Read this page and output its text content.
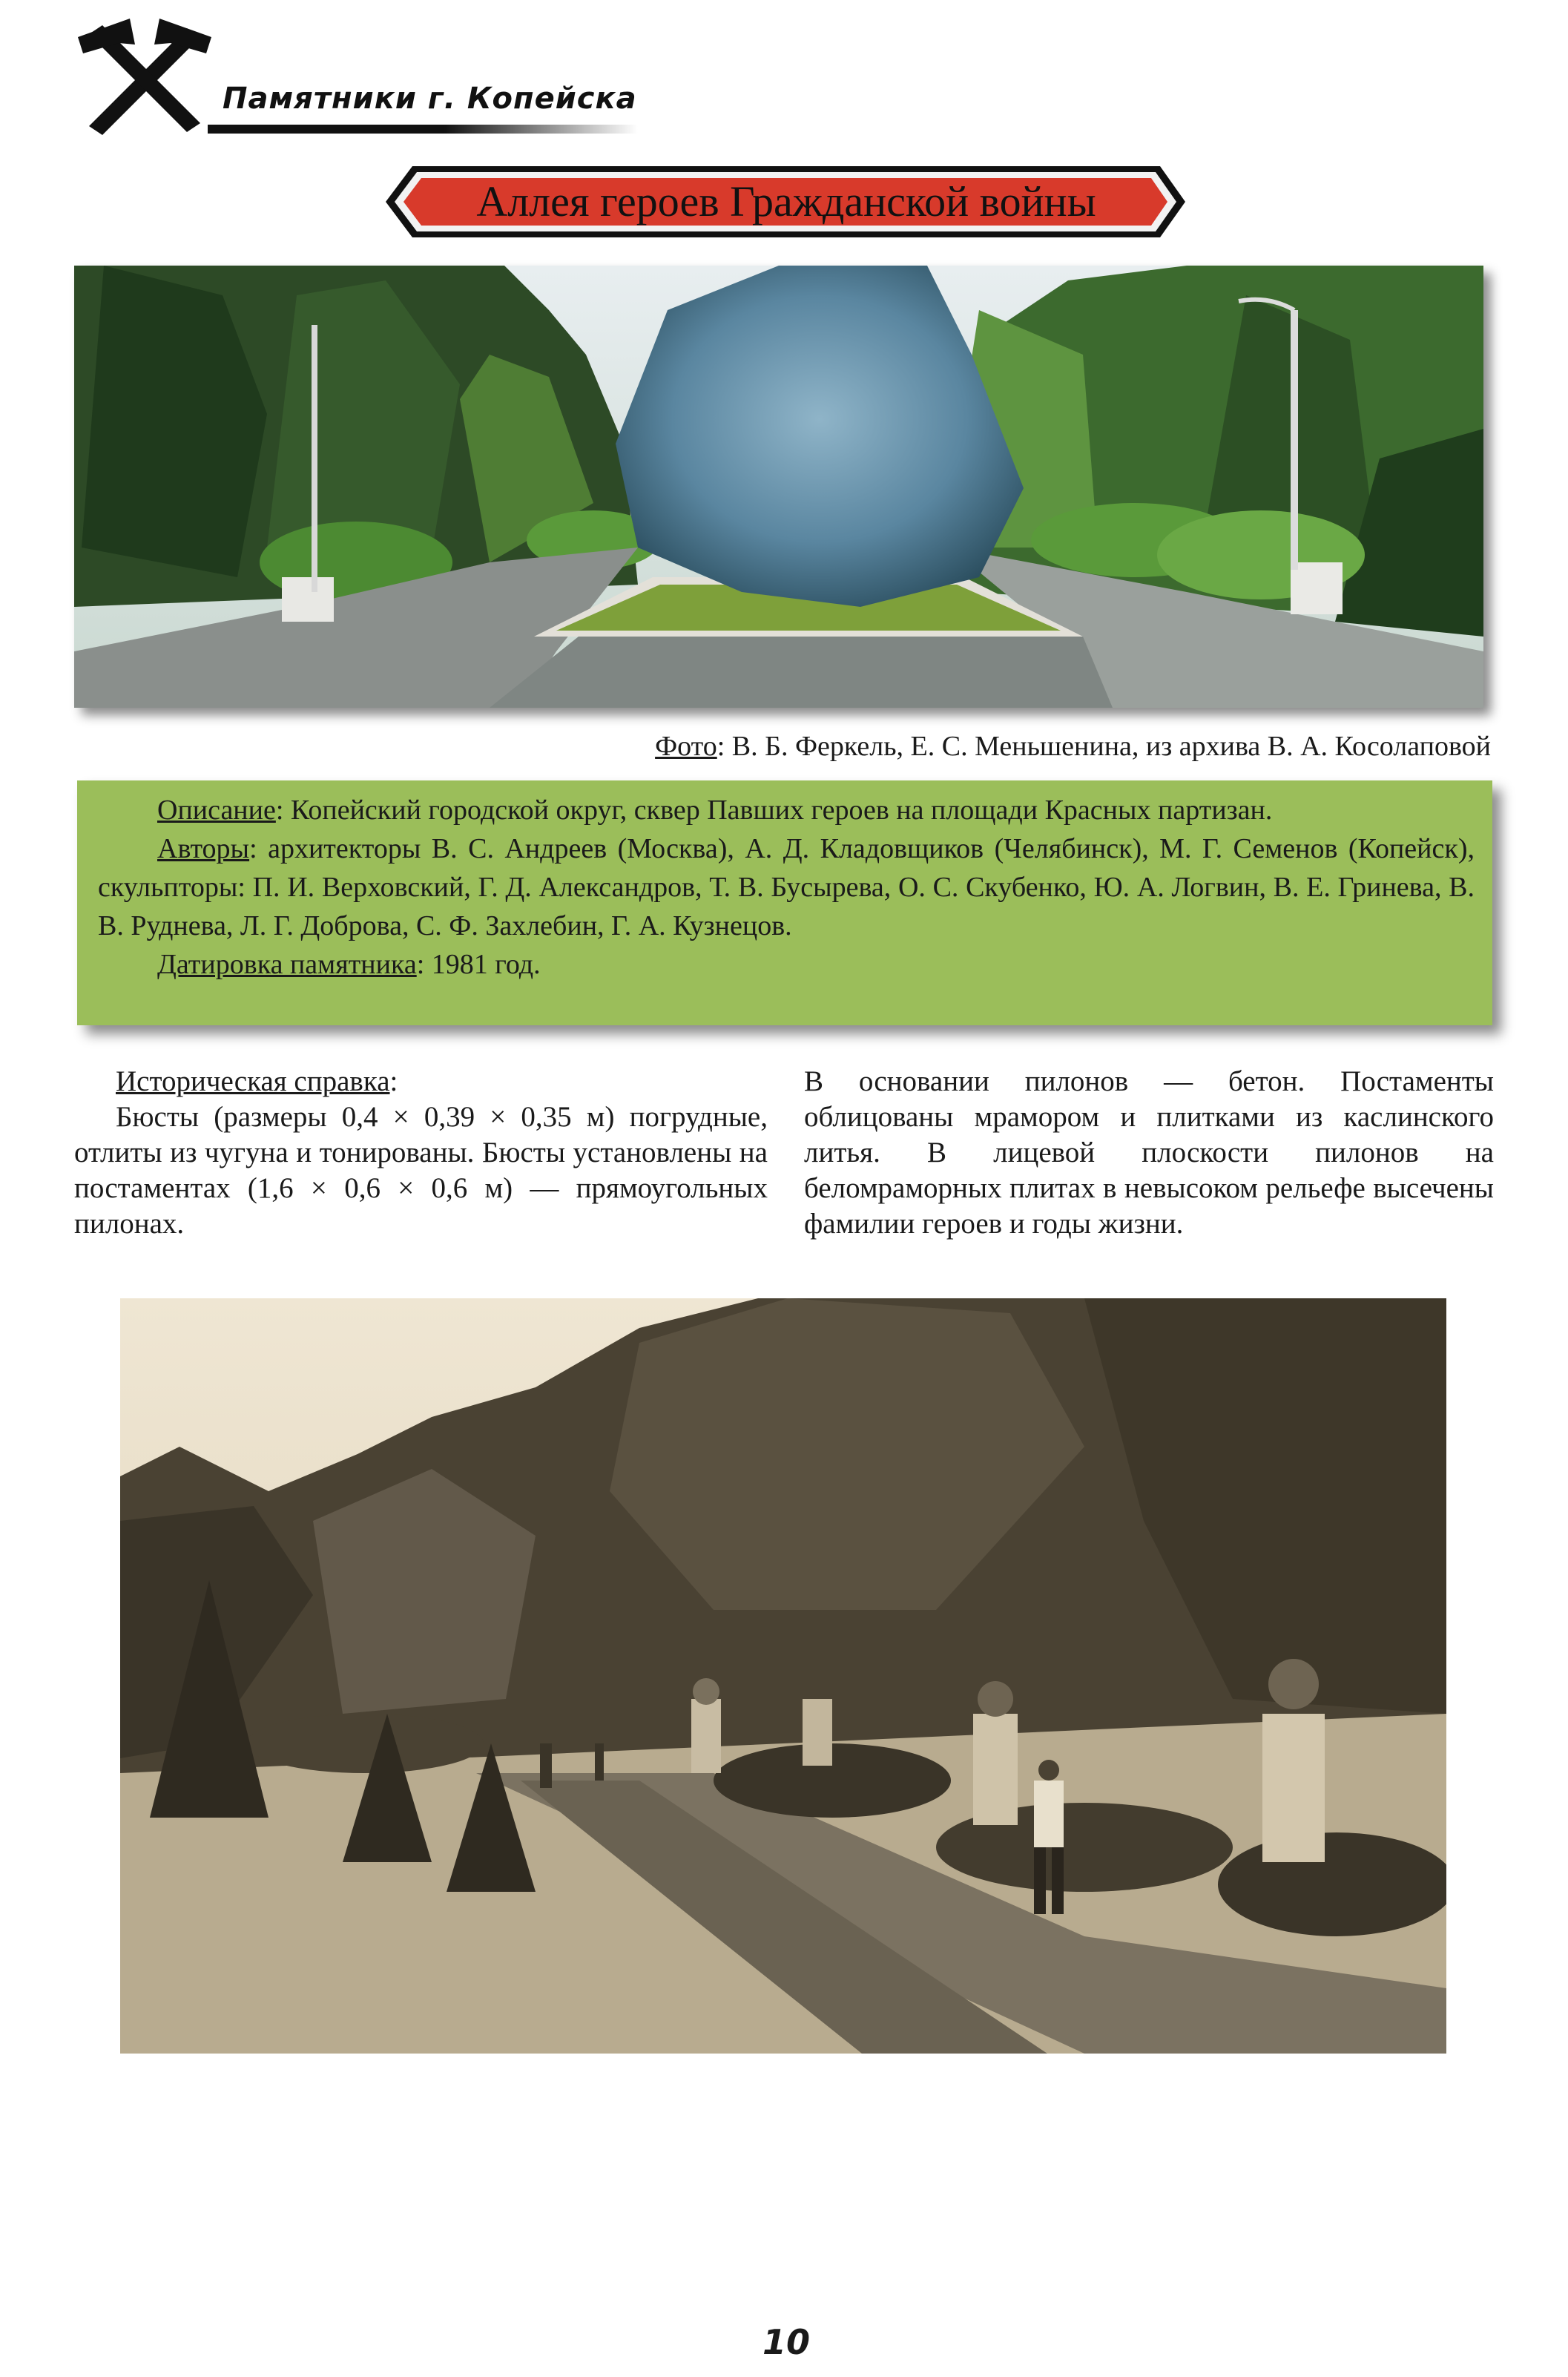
Памятники г. Копейска
Аллея героев Гражданской войны
Фото: В. Б. Феркель, Е. С. Меньшенина, из архива В. А. Косолаповой

Описание: Копейский городской округ, сквер Павших героев на площади Красных партизан.

Авторы: архитекторы В. С. Андреев (Москва), А. Д. Кладовщиков (Челябинск), М. Г. Семенов (Копейск), скульпторы: П. И. Верховский, Г. Д. Александров, Т. В. Бусырева, О. С. Скубенко, Ю. А. Логвин, В. Е. Гринева, В. В. Руднева, Л. Г. Доброва, С. Ф. Захлебин, Г. А. Кузнецов.

Датировка памятника: 1981 год.

Историческая справка:

Бюсты (размеры 0,4 × 0,39 × 0,35 м) погрудные, отлиты из чугуна и тонированы. Бюсты установлены на постаментах (1,6 × 0,6 × 0,6 м) — прямоугольных пилонах.

В основании пилонов — бетон. Постаменты облицованы мрамором и плитками из каслинского литья. В лицевой плоскости пилонов на беломраморных плитах в невысоком рельефе высечены фамилии героев и годы жизни.
10
